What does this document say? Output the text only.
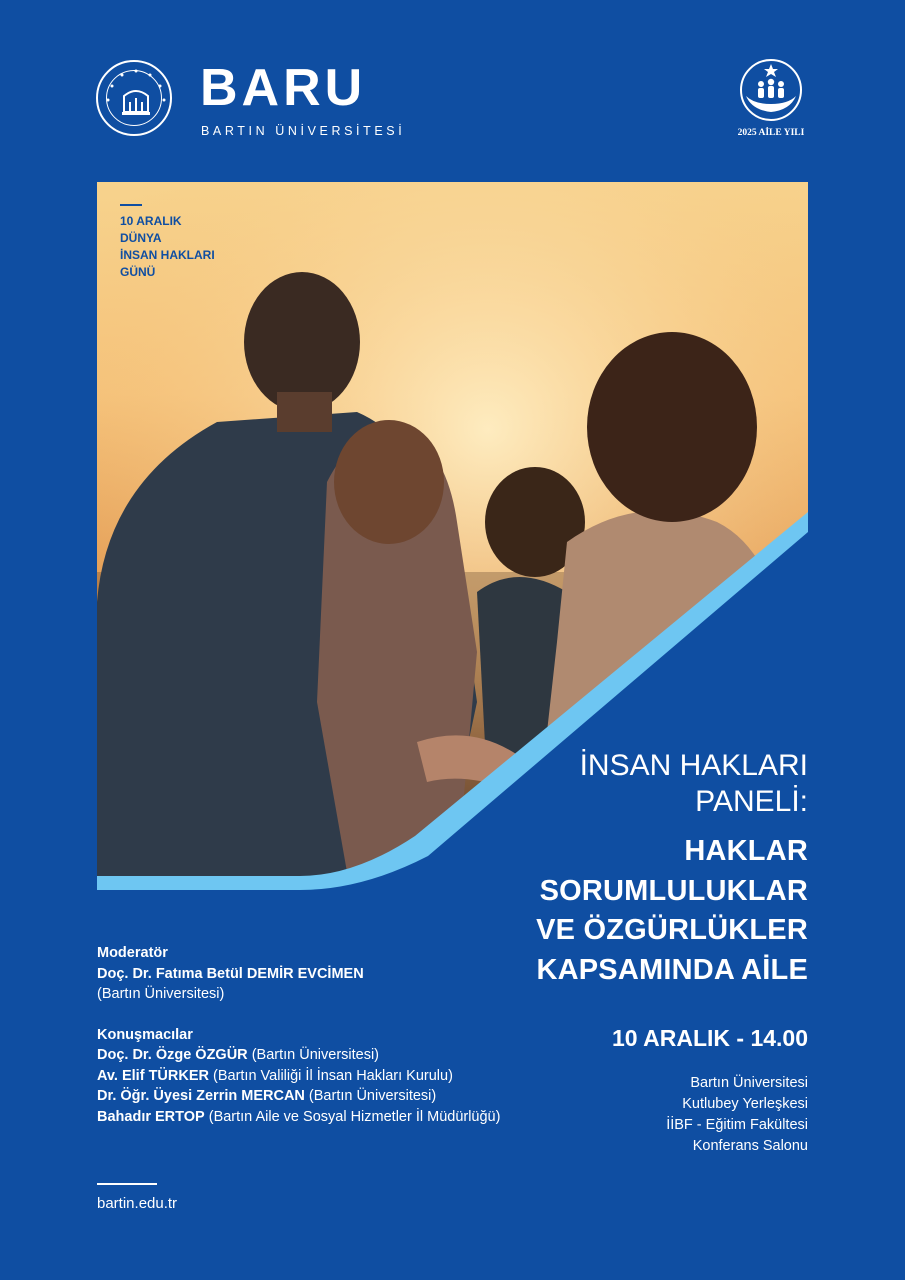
BARU
BARTIN ÜNİVERSİTESİ	2025 AİLE YILI
10 ARALIK
DÜNYA
İNSAN HAKLARI
GÜNÜ
İNSAN HAKLARI
PANELİ:
HAKLAR
SORUMLULUKLAR
VE ÖZGÜRLÜKLER
KAPSAMINDA AİLE
Moderatör
Doç. Dr. Fatıma Betül DEMİR EVCİMEN
(Bartın Üniversitesi)
Konuşmacılar
Doç. Dr. Özge ÖZGÜR (Bartın Üniversitesi)
Av. Elif TÜRKER (Bartın Valiliği İl İnsan Hakları Kurulu)
Dr. Öğr. Üyesi Zerrin MERCAN (Bartın Üniversitesi)
Bahadır ERTOP (Bartın Aile ve Sosyal Hizmetler İl Müdürlüğü)
10 ARALIK - 14.00
Bartın Üniversitesi
Kutlubey Yerleşkesi
İİBF - Eğitim Fakültesi
Konferans Salonu
bartin.edu.tr
